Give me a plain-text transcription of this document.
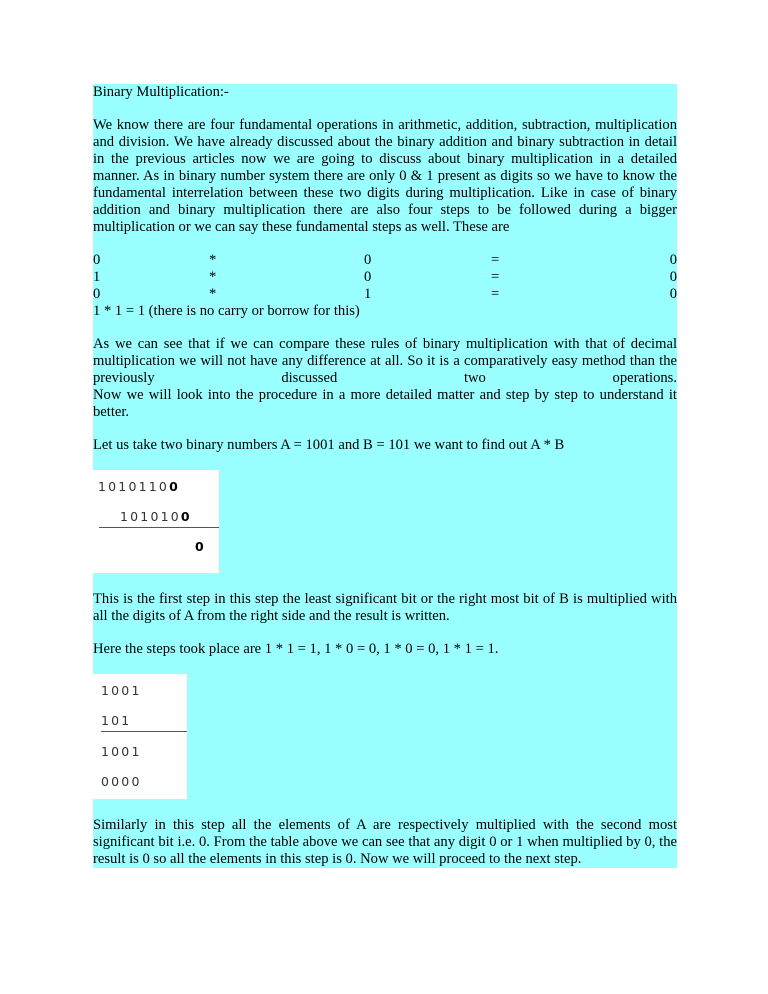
Binary Multiplication:-

We know there are four fundamental operations in arithmetic, addition, subtraction, multiplication and division. We have already discussed about the binary addition and binary subtraction in detail in the previous articles now we are going to discuss about binary multiplication in a detailed manner. As in binary number system there are only 0 & 1 present as digits so we have to know the fundamental interrelation between these two digits during multiplication. Like in case of binary addition and binary multiplication there are also four steps to be followed during a bigger multiplication or we can say these fundamental steps as well. These are

0	*	0	=	0
1	*	0	=	0
0	*	1	=	0
1 * 1 = 1 (there is no carry or borrow for this)

As we can see that if we can compare these rules of binary multiplication with that of decimal multiplication we will not have any difference at all. So it is a comparatively easy method than the previously discussed two operations.

Now we will look into the procedure in a more detailed matter and step by step to understand it better.

Let us take two binary numbers A = 1001 and B = 101 we want to find out A * B

10101100
1010100
0

This is the first step in this step the least significant bit or the right most bit of B is multiplied with all the digits of A from the right side and the result is written.

Here the steps took place are 1 * 1 = 1, 1 * 0 = 0, 1 * 0 = 0, 1 * 1 = 1.

1001
101
1001
0000

Similarly in this step all the elements of A are respectively multiplied with the second most significant bit i.e. 0. From the table above we can see that any digit 0 or 1 when multiplied by 0, the result is 0 so all the elements in this step is 0. Now we will proceed to the next step.
